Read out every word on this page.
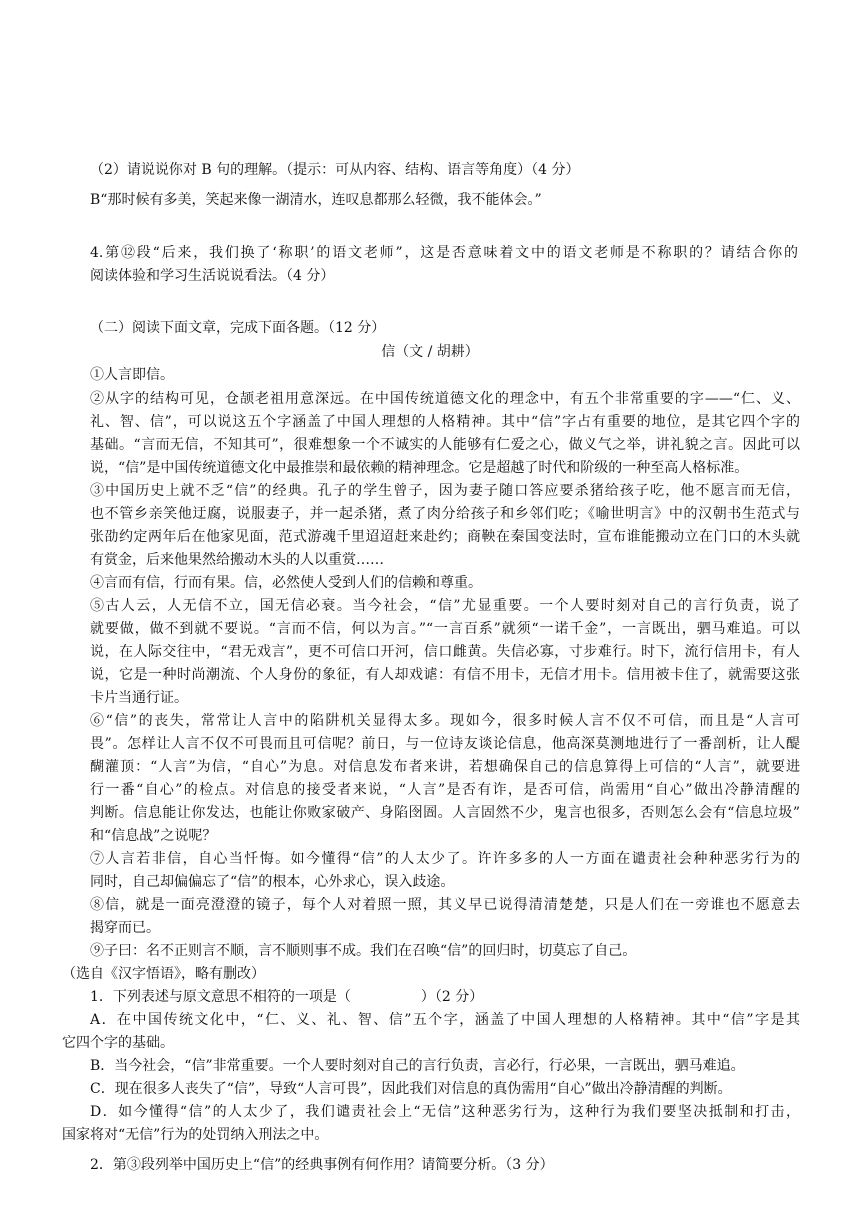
（2）请说说你对 B 句的理解。（提示：可从内容、结构、语言等角度）（4 分）
B“那时候有多美，笑起来像一湖清水，连叹息都那么轻微，我不能体会。”
4.第⑫段“后来，我们换了‘称职’的语文老师”，这是否意味着文中的语文老师是不称职的？请结合你的
阅读体验和学习生活说说看法。（4 分）
（二）阅读下面文章，完成下面各题。（12 分）
信（文 / 胡耕）
①人言即信。
②从字的结构可见，仓颉老祖用意深远。在中国传统道德文化的理念中，有五个非常重要的字——“仁、义、
礼、智、信”，可以说这五个字涵盖了中国人理想的人格精神。其中“信”字占有重要的地位，是其它四个字的
基础。“言而无信，不知其可”，很难想象一个不诚实的人能够有仁爱之心，做义气之举，讲礼貌之言。因此可以
说，“信”是中国传统道德文化中最推崇和最依赖的精神理念。它是超越了时代和阶级的一种至高人格标准。
③中国历史上就不乏“信”的经典。孔子的学生曾子，因为妻子随口答应要杀猪给孩子吃，他不愿言而无信，
也不管乡亲笑他迂腐，说服妻子，并一起杀猪，煮了肉分给孩子和乡邻们吃；《喻世明言》中的汉朝书生范式与
张劭约定两年后在他家见面，范式游魂千里迢迢赶来赴约；商鞅在秦国变法时，宣布谁能搬动立在门口的木头就
有赏金，后来他果然给搬动木头的人以重赏……
④言而有信，行而有果。信，必然使人受到人们的信赖和尊重。
⑤古人云，人无信不立，国无信必衰。当今社会，“信”尤显重要。一个人要时刻对自己的言行负责，说了
就要做，做不到就不要说。“言而不信，何以为言。”“一言百系”就须“一诺千金”，一言既出，驷马难追。可以
说，在人际交往中，“君无戏言”，更不可信口开河，信口雌黄。失信必寡，寸步难行。时下，流行信用卡，有人
说，它是一种时尚潮流、个人身份的象征，有人却戏谑：有信不用卡，无信才用卡。信用被卡住了，就需要这张
卡片当通行证。
⑥“信”的丧失，常常让人言中的陷阱机关显得太多。现如今，很多时候人言不仅不可信，而且是“人言可
畏”。怎样让人言不仅不可畏而且可信呢？前日，与一位诗友谈论信息，他高深莫测地进行了一番剖析，让人醍
醐灌顶：“人言”为信，“自心”为息。对信息发布者来讲，若想确保自己的信息算得上可信的“人言”，就要进
行一番“自心”的检点。对信息的接受者来说，“人言”是否有诈，是否可信，尚需用“自心”做出冷静清醒的
判断。信息能让你发达，也能让你败家破产、身陷囹圄。人言固然不少，鬼言也很多，否则怎么会有“信息垃圾”
和“信息战”之说呢？
⑦人言若非信，自心当忏悔。如今懂得“信”的人太少了。许许多多的人一方面在谴责社会种种恶劣行为的
同时，自己却偏偏忘了“信”的根本，心外求心，误入歧途。
⑧信，就是一面亮澄澄的镜子，每个人对着照一照，其义早已说得清清楚楚，只是人们在一旁谁也不愿意去
揭穿而已。
⑨子曰：名不正则言不顺，言不顺则事不成。我们在召唤“信”的回归时，切莫忘了自己。
（选自《汉字悟语》，略有删改）
1．下列表述与原文意思不相符的一项是（　　　　　）（2 分）
A．在中国传统文化中，“仁、义、礼、智、信”五个字，涵盖了中国人理想的人格精神。其中“信”字是其
它四个字的基础。
B．当今社会，“信”非常重要。一个人要时刻对自己的言行负责，言必行，行必果，一言既出，驷马难追。
C．现在很多人丧失了“信”，导致“人言可畏”，因此我们对信息的真伪需用“自心”做出冷静清醒的判断。
D．如今懂得“信”的人太少了，我们谴责社会上“无信”这种恶劣行为，这种行为我们要坚决抵制和打击，
国家将对“无信”行为的处罚纳入刑法之中。
2．第③段列举中国历史上“信”的经典事例有何作用？请简要分析。（3 分）
